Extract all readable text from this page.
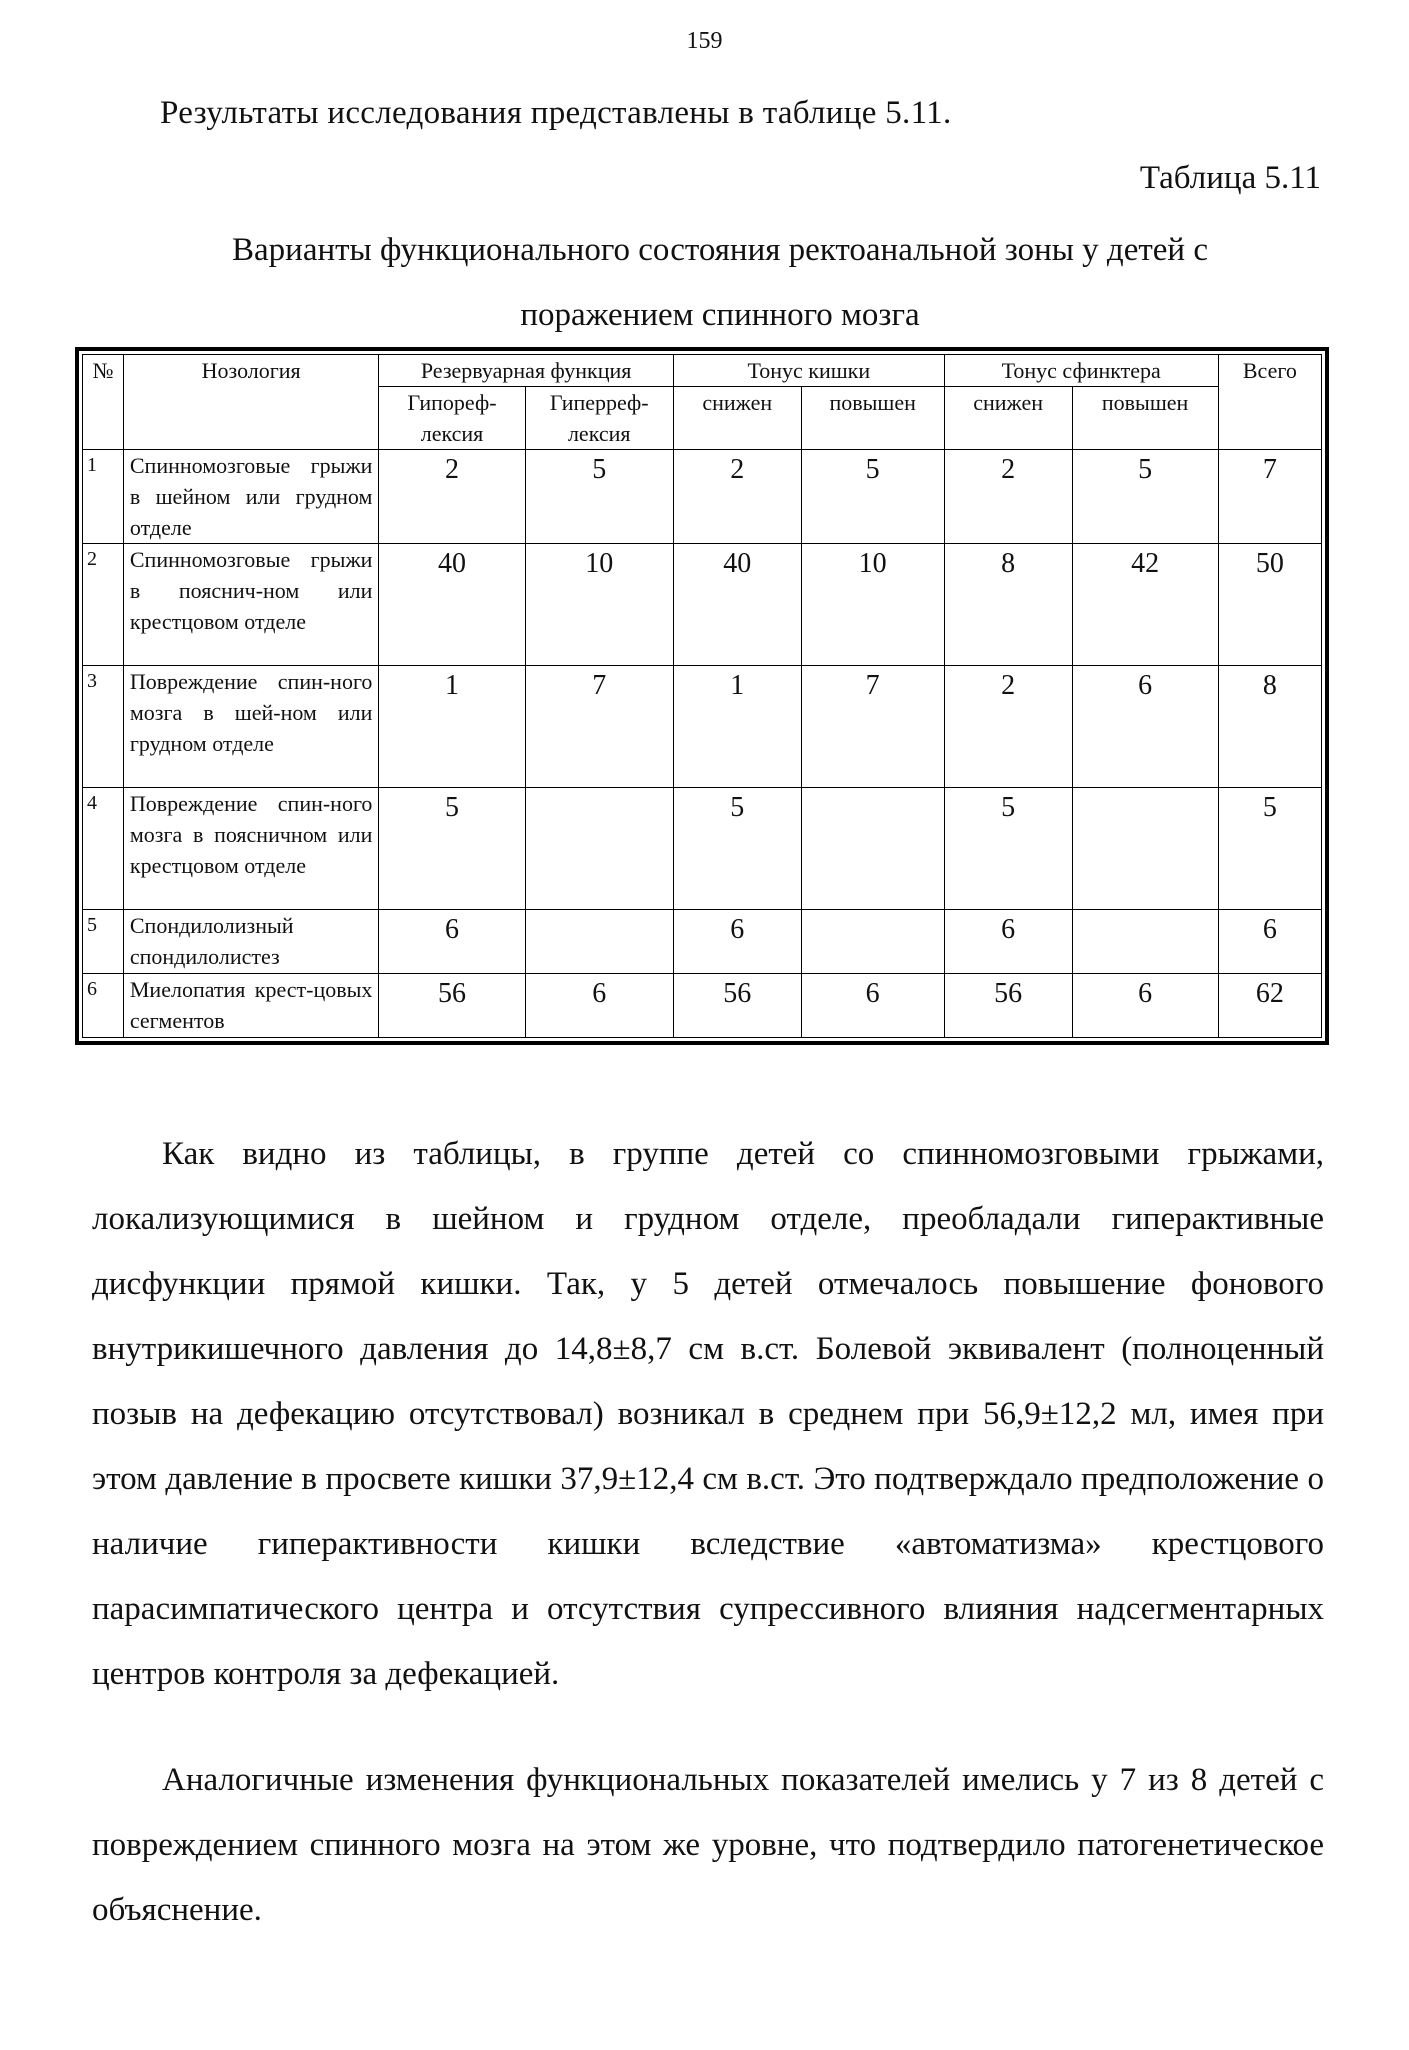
159
Результаты исследования представлены в таблице 5.11.
Таблица 5.11
Варианты функционального состояния ректоанальной зоны у детей с
поражением спинного мозга
№	Нозология	Резервуарная функция		Тонус кишки		Тонус сфинктера		Всего
		Гипореф-лексия	Гиперреф-лексия	снижен	повышен	снижен	повышен	
1	Спинномозговые грыжи в шейном или грудном отделе	2	5	2	5	2	5	7
2	Спинномозговые грыжи в пояснич-ном или крестцовом отделе	40	10	40	10	8	42	50
3	Повреждение спин-ного мозга в шей-ном или грудном отделе	1	7	1	7	2	6	8
4	Повреждение спин-ного мозга в поясничном или крестцовом отделе	5		5		5		5
5	Спондилолизный спондилолистез	6		6		6		6
6	Миелопатия крест-цовых сегментов	56	6	56	6	56	6	62

Как видно из таблицы, в группе детей со спинномозговыми грыжами, локализующимися в шейном и грудном отделе, преобладали гиперактивные дисфункции прямой кишки. Так, у 5 детей отмечалось повышение фонового внутрикишечного давления до 14,8±8,7 см в.ст. Болевой эквивалент (полноценный позыв на дефекацию отсутствовал) возникал в среднем при 56,9±12,2 мл, имея при этом давление в просвете кишки 37,9±12,4 см в.ст. Это подтверждало предположение о наличие гиперактивности кишки вследствие «автоматизма» крестцового парасимпатического центра и отсутствия супрессивного влияния надсегментарных центров контроля за дефекацией.

Аналогичные изменения функциональных показателей имелись у 7 из 8 детей с повреждением спинного мозга на этом же уровне, что подтвердило патогенетическое объяснение.
